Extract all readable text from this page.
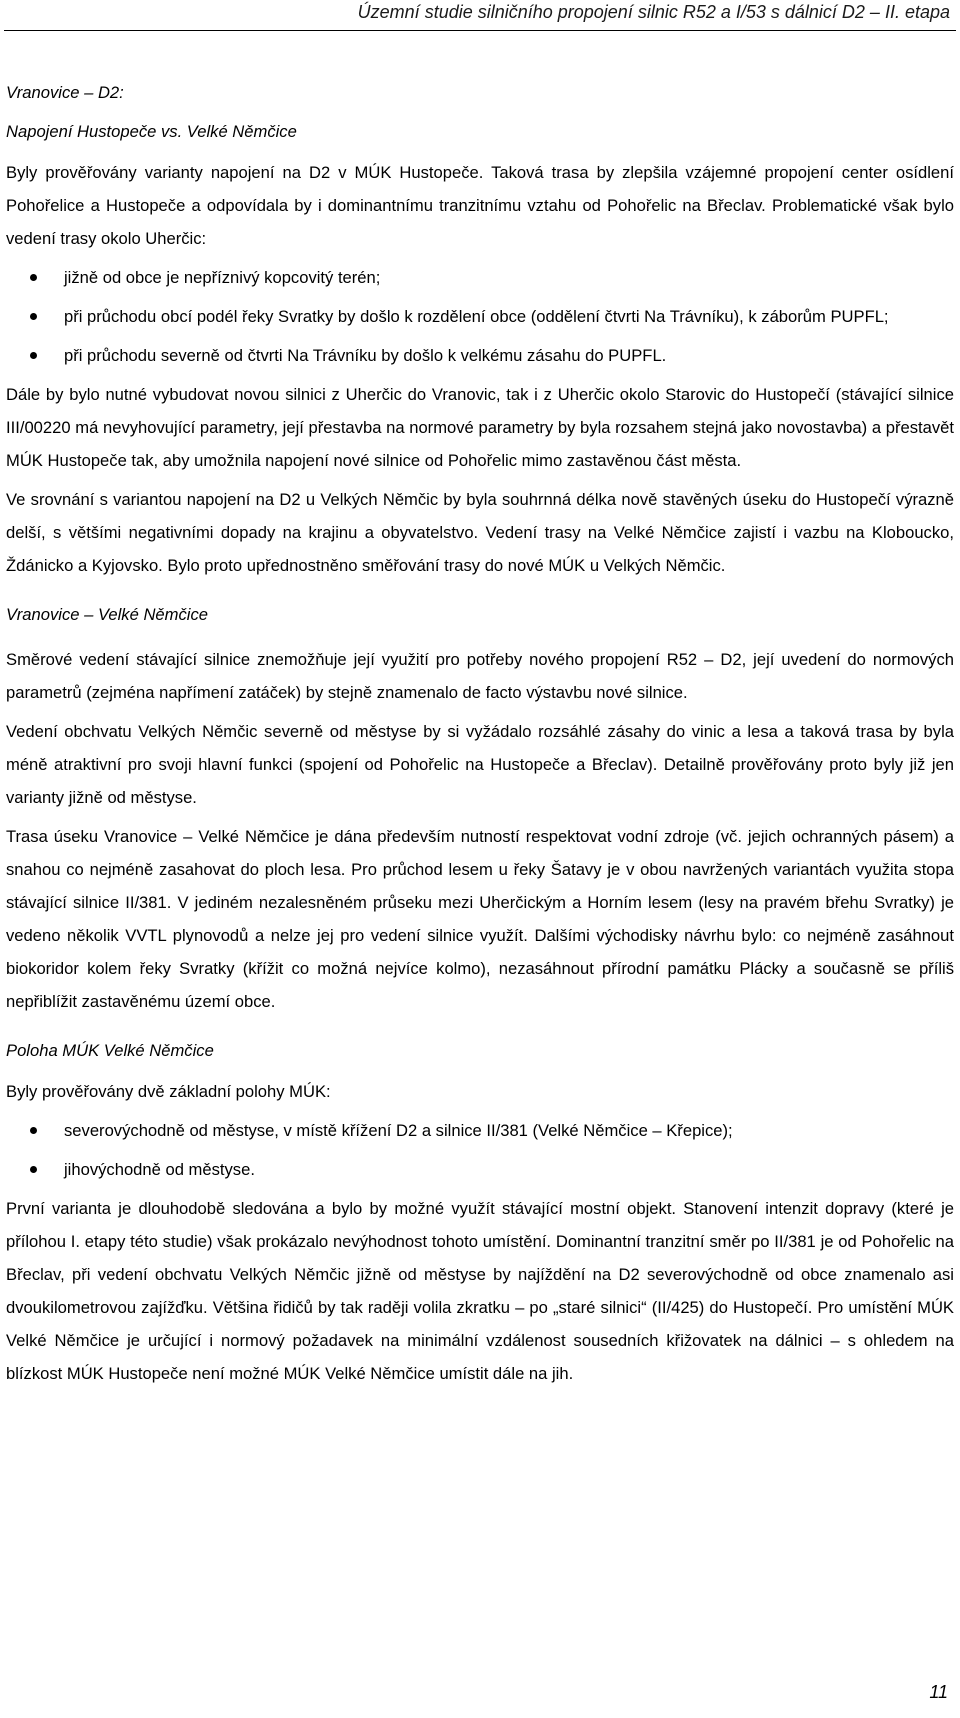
Územní studie silničního propojení silnic R52 a I/53 s dálnicí D2 – II. etapa

Vranovice – D2:

Napojení Hustopeče vs. Velké Němčice

Byly prověřovány varianty napojení na D2 v MÚK Hustopeče. Taková trasa by zlepšila vzájemné propojení center osídlení Pohořelice a Hustopeče a odpovídala by i dominantnímu tranzitnímu vztahu od Pohořelic na Břeclav. Problematické však bylo vedení trasy okolo Uherčic:

jižně od obce je nepříznivý kopcovitý terén;
při průchodu obcí podél řeky Svratky by došlo k rozdělení obce (oddělení čtvrti Na Trávníku), k záborům PUPFL;
při průchodu severně od čtvrti Na Trávníku by došlo k velkému zásahu do PUPFL.

Dále by bylo nutné vybudovat novou silnici z Uherčic do Vranovic, tak i z Uherčic okolo Starovic do Hustopečí (stávající silnice III/00220 má nevyhovující parametry, její přestavba na normové parametry by byla rozsahem stejná jako novostavba) a přestavět MÚK Hustopeče tak, aby umožnila napojení nové silnice od Pohořelic mimo zastavěnou část města.

Ve srovnání s variantou napojení na D2 u Velkých Němčic by byla souhrnná délka nově stavěných úseku do Hustopečí výrazně delší, s většími negativními dopady na krajinu a obyvatelstvo. Vedení trasy na Velké Němčice zajistí i vazbu na Kloboucko, Ždánicko a Kyjovsko. Bylo proto upřednostněno směřování trasy do nové MÚK u Velkých Němčic.

Vranovice – Velké Němčice

Směrové vedení stávající silnice znemožňuje její využití pro potřeby nového propojení R52 – D2, její uvedení do normových parametrů (zejména napřímení zatáček) by stejně znamenalo de facto výstavbu nové silnice.

Vedení obchvatu Velkých Němčic severně od městyse by si vyžádalo rozsáhlé zásahy do vinic a lesa a taková trasa by byla méně atraktivní pro svoji hlavní funkci (spojení od Pohořelic na Hustopeče a Břeclav). Detailně prověřovány proto byly již jen varianty jižně od městyse.

Trasa úseku Vranovice – Velké Němčice je dána především nutností respektovat vodní zdroje (vč. jejich ochranných pásem) a snahou co nejméně zasahovat do ploch lesa. Pro průchod lesem u řeky Šatavy je v obou navržených variantách využita stopa stávající silnice II/381. V jediném nezalesněném průseku mezi Uherčickým a Horním lesem (lesy na pravém břehu Svratky) je vedeno několik VVTL plynovodů a nelze jej pro vedení silnice využít. Dalšími východisky návrhu bylo: co nejméně zasáhnout biokoridor kolem řeky Svratky (křížit co možná nejvíce kolmo), nezasáhnout přírodní památku Plácky a současně se příliš nepřiblížit zastavěnému území obce.

Poloha MÚK Velké Němčice

Byly prověřovány dvě základní polohy MÚK:

severovýchodně od městyse, v místě křížení D2 a silnice II/381 (Velké Němčice – Křepice);
jihovýchodně od městyse.

První varianta je dlouhodobě sledována a bylo by možné využít stávající mostní objekt. Stanovení intenzit dopravy (které je přílohou I. etapy této studie) však prokázalo nevýhodnost tohoto umístění. Dominantní tranzitní směr po II/381 je od Pohořelic na Břeclav, při vedení obchvatu Velkých Němčic jižně od městyse by najíždění na D2 severovýchodně od obce znamenalo asi dvoukilometrovou zajížďku. Většina řidičů by tak raději volila zkratku – po „staré silnici“ (II/425) do Hustopečí. Pro umístění MÚK Velké Němčice je určující i normový požadavek na minimální vzdálenost sousedních křižovatek na dálnici – s ohledem na blízkost MÚK Hustopeče není možné MÚK Velké Němčice umístit dále na jih.

11
